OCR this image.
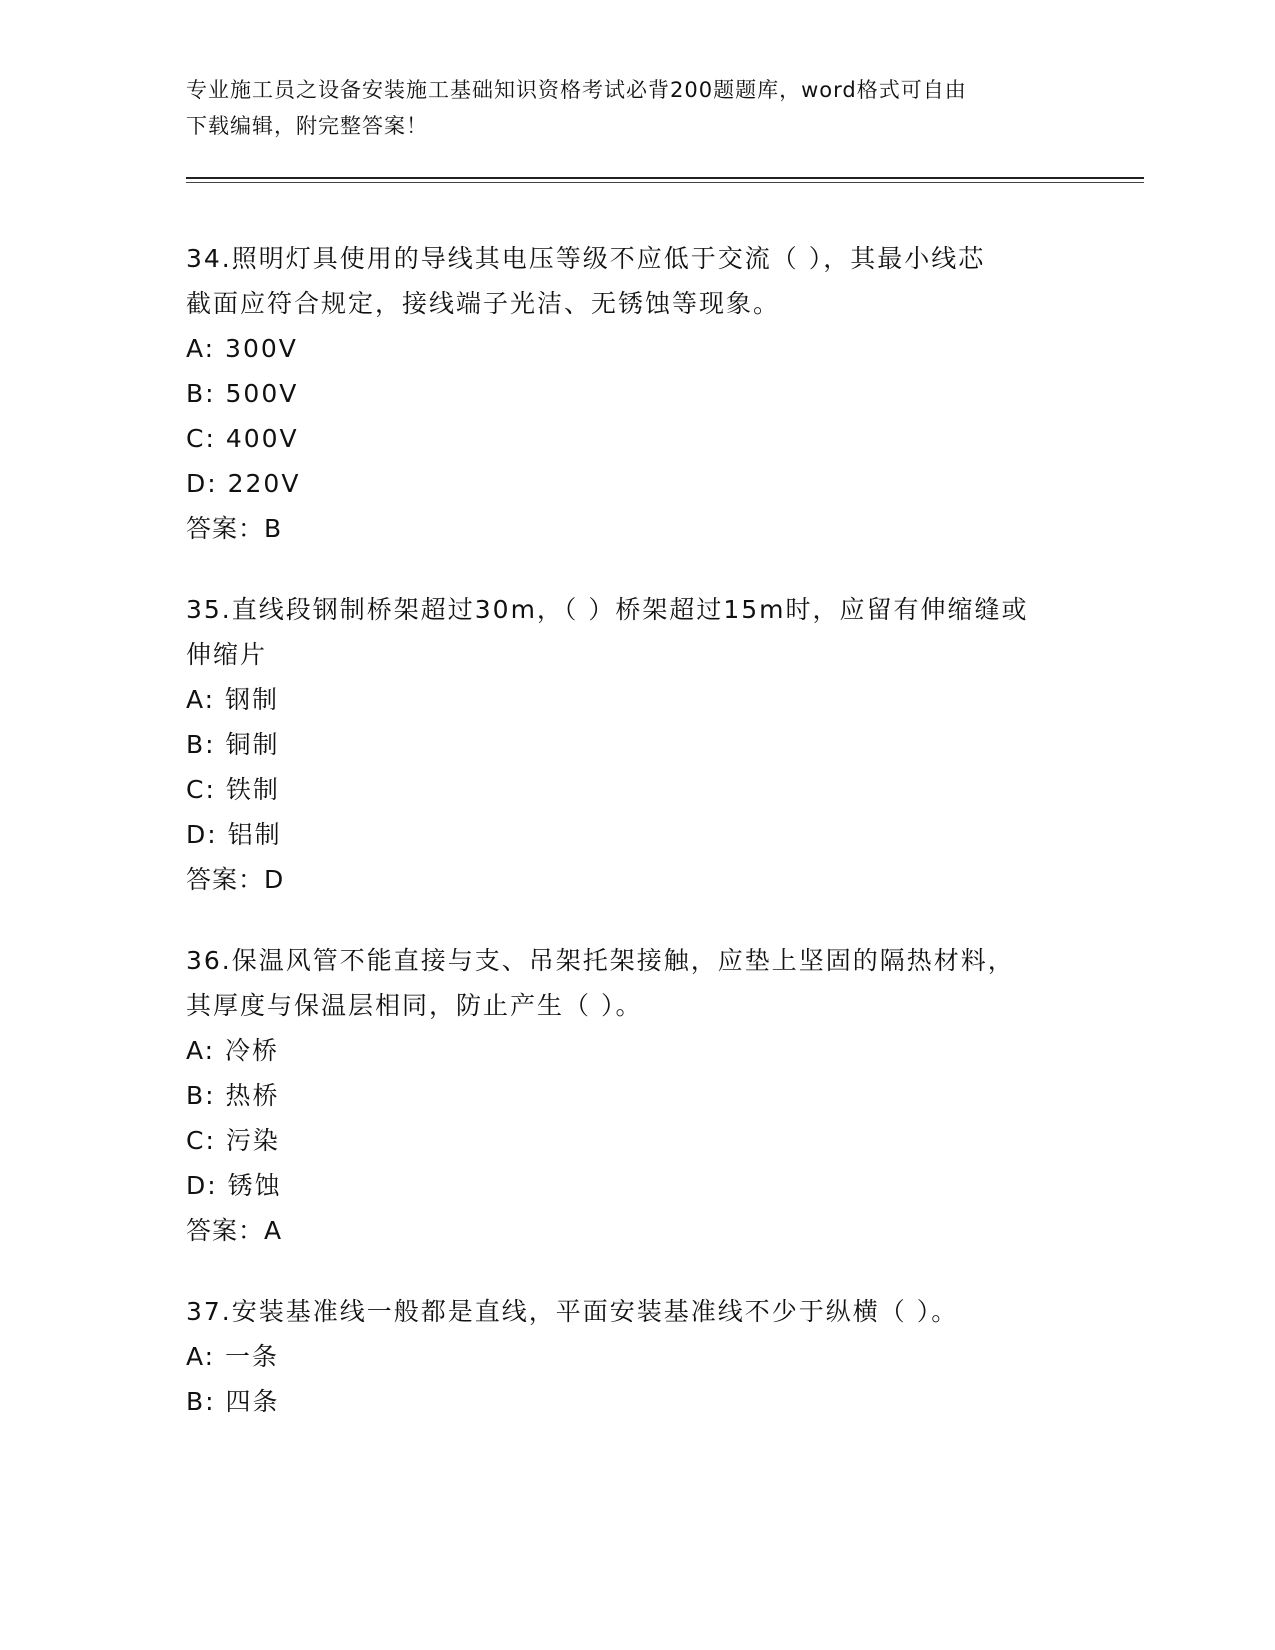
专业施工员之设备安装施工基础知识资格考试必背200题题库，word格式可自由
下载编辑，附完整答案！
34.照明灯具使用的导线其电压等级不应低于交流（ ），其最小线芯
截面应符合规定，接线端子光洁、无锈蚀等现象。
A: 300V
B: 500V
C: 400V
D: 220V
答案：B
35.直线段钢制桥架超过30m，（ ）桥架超过15m时，应留有伸缩缝或
伸缩片
A: 钢制
B: 铜制
C: 铁制
D: 铝制
答案：D
36.保温风管不能直接与支、吊架托架接触，应垫上坚固的隔热材料，
其厚度与保温层相同，防止产生（ ）。
A: 冷桥
B: 热桥
C: 污染
D: 锈蚀
答案：A
37.安装基准线一般都是直线，平面安装基准线不少于纵横（ ）。
A: 一条
B: 四条
